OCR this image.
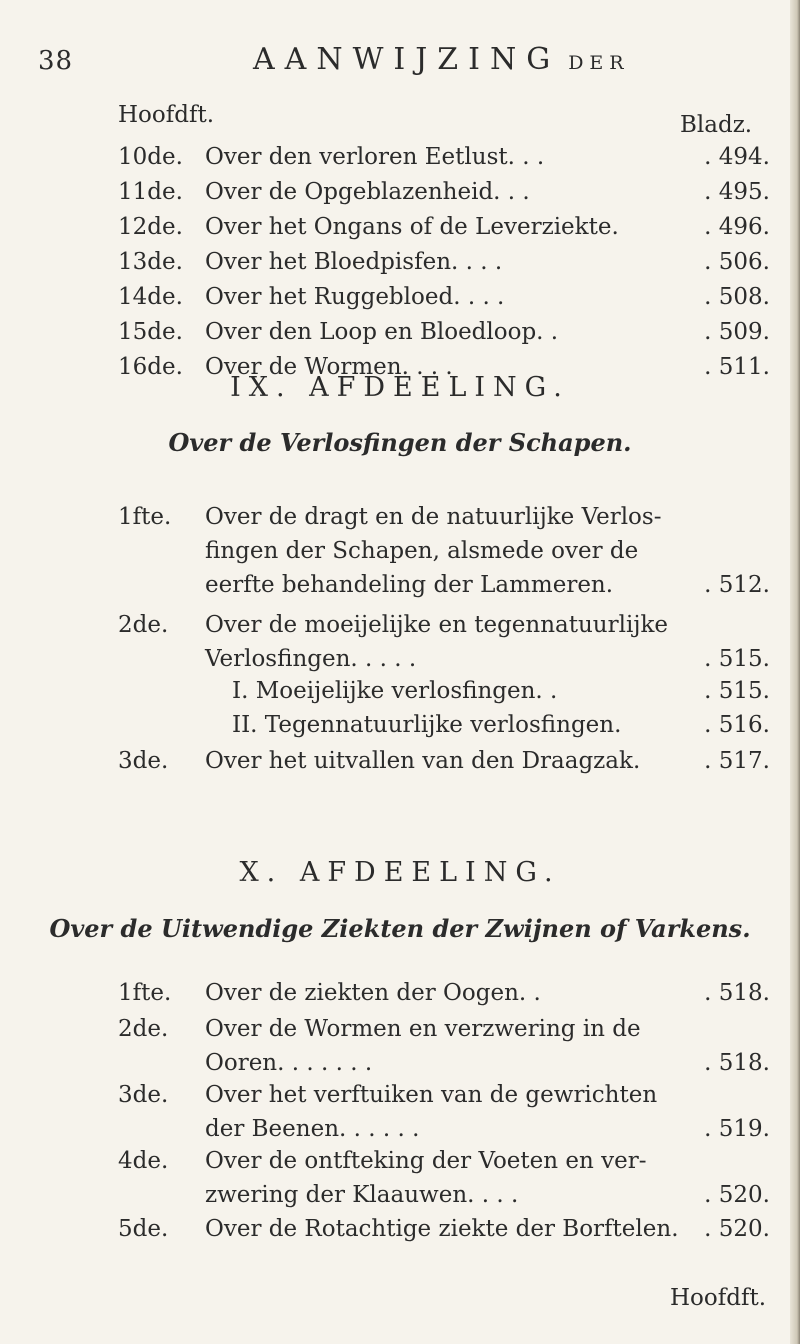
38	AANWIJZING DER
Hoofdft.	Bladz.
10de. Over den verloren Eetlust. . .	. 494.
11de. Over de Opgeblazenheid. . .	. 495.
12de. Over het Ongans of de Leverziekte.	. 496.
13de. Over het Bloedpisfen. . . .	. 506.
14de. Over het Ruggebloed. . . .	. 508.
15de. Over den Loop en Bloedloop. .	. 509.
16de. Over de Wormen. . . .	. 511.
IX. AFDEELING.
Over de Verlosfingen der Schapen.
1fte. Over de dragt en de natuurlijke Verlos-
fingen der Schapen, alsmede over de
eerfte behandeling der Lammeren.	. 512.
2de. Over de moeijelijke en tegennatuurlijke
Verlosfingen. . . . .	. 515.
I. Moeijelijke verlosfingen. .	. 515.
II. Tegennatuurlijke verlosfingen.	. 516.
3de. Over het uitvallen van den Draagzak.	. 517.
X. AFDEELING.
Over de Uitwendige Ziekten der Zwijnen of Varkens.
1fte. Over de ziekten der Oogen. .	. 518.
2de. Over de Wormen en verzwering in de
Ooren. . . . . . .	. 518.
3de. Over het verftuiken van de gewrichten
der Beenen. . . . . .	. 519.
4de. Over de ontfteking der Voeten en ver-
zwering der Klaauwen. . . .	. 520.
5de. Over de Rotachtige ziekte der Borftelen. . 520.
Hoofdft.
